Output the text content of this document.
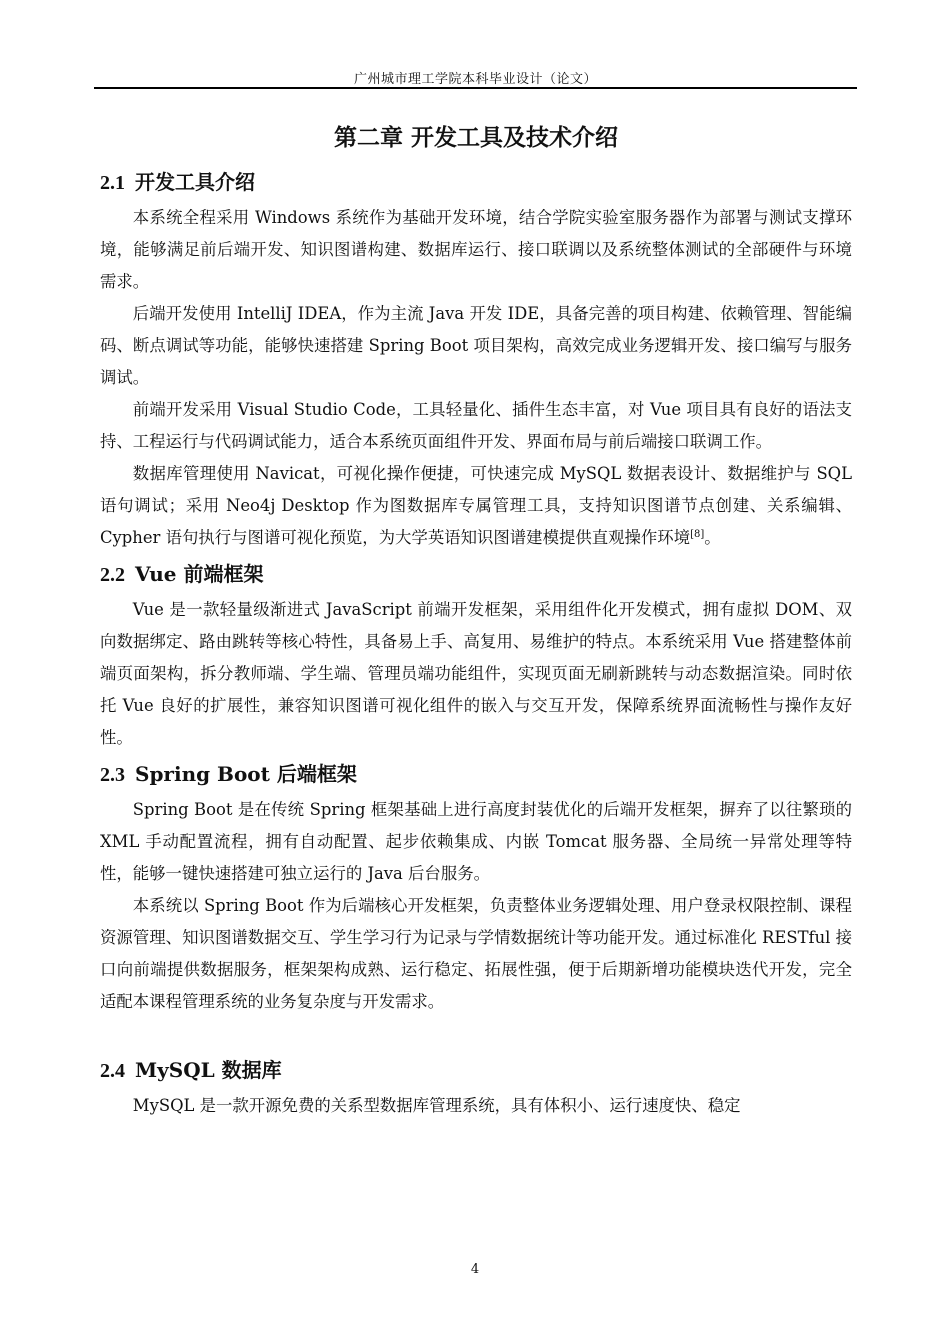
广州城市理工学院本科毕业设计（论文）
第二章 开发工具及技术介绍
2.1 开发工具介绍

本系统全程采用 Windows 系统作为基础开发环境，结合学院实验室服务器作为部署与测试支撑环境，能够满足前后端开发、知识图谱构建、数据库运行、接口联调以及系统整体测试的全部硬件与环境需求。

后端开发使用 IntelliJ IDEA，作为主流 Java 开发 IDE，具备完善的项目构建、依赖管理、智能编码、断点调试等功能，能够快速搭建 Spring Boot 项目架构，高效完成业务逻辑开发、接口编写与服务调试。

前端开发采用 Visual Studio Code，工具轻量化、插件生态丰富，对 Vue 项目具有良好的语法支持、工程运行与代码调试能力，适合本系统页面组件开发、界面布局与前后端接口联调工作。

数据库管理使用 Navicat，可视化操作便捷，可快速完成 MySQL 数据表设计、数据维护与 SQL 语句调试；采用 Neo4j Desktop 作为图数据库专属管理工具，支持知识图谱节点创建、关系编辑、Cypher 语句执行与图谱可视化预览，为大学英语知识图谱建模提供直观操作环境[8]。

2.2 Vue 前端框架

Vue 是一款轻量级渐进式 JavaScript 前端开发框架，采用组件化开发模式，拥有虚拟 DOM、双向数据绑定、路由跳转等核心特性，具备易上手、高复用、易维护的特点。本系统采用 Vue 搭建整体前端页面架构，拆分教师端、学生端、管理员端功能组件，实现页面无刷新跳转与动态数据渲染。同时依托 Vue 良好的扩展性，兼容知识图谱可视化组件的嵌入与交互开发，保障系统界面流畅性与操作友好性。

2.3 Spring Boot 后端框架

Spring Boot 是在传统 Spring 框架基础上进行高度封装优化的后端开发框架，摒弃了以往繁琐的 XML 手动配置流程，拥有自动配置、起步依赖集成、内嵌 Tomcat 服务器、全局统一异常处理等特性，能够一键快速搭建可独立运行的 Java 后台服务。

本系统以 Spring Boot 作为后端核心开发框架，负责整体业务逻辑处理、用户登录权限控制、课程资源管理、知识图谱数据交互、学生学习行为记录与学情数据统计等功能开发。通过标准化 RESTful 接口向前端提供数据服务，框架架构成熟、运行稳定、拓展性强，便于后期新增功能模块迭代开发，完全适配本课程管理系统的业务复杂度与开发需求。

2.4 MySQL 数据库

MySQL 是一款开源免费的关系型数据库管理系统，具有体积小、运行速度快、稳定

4
